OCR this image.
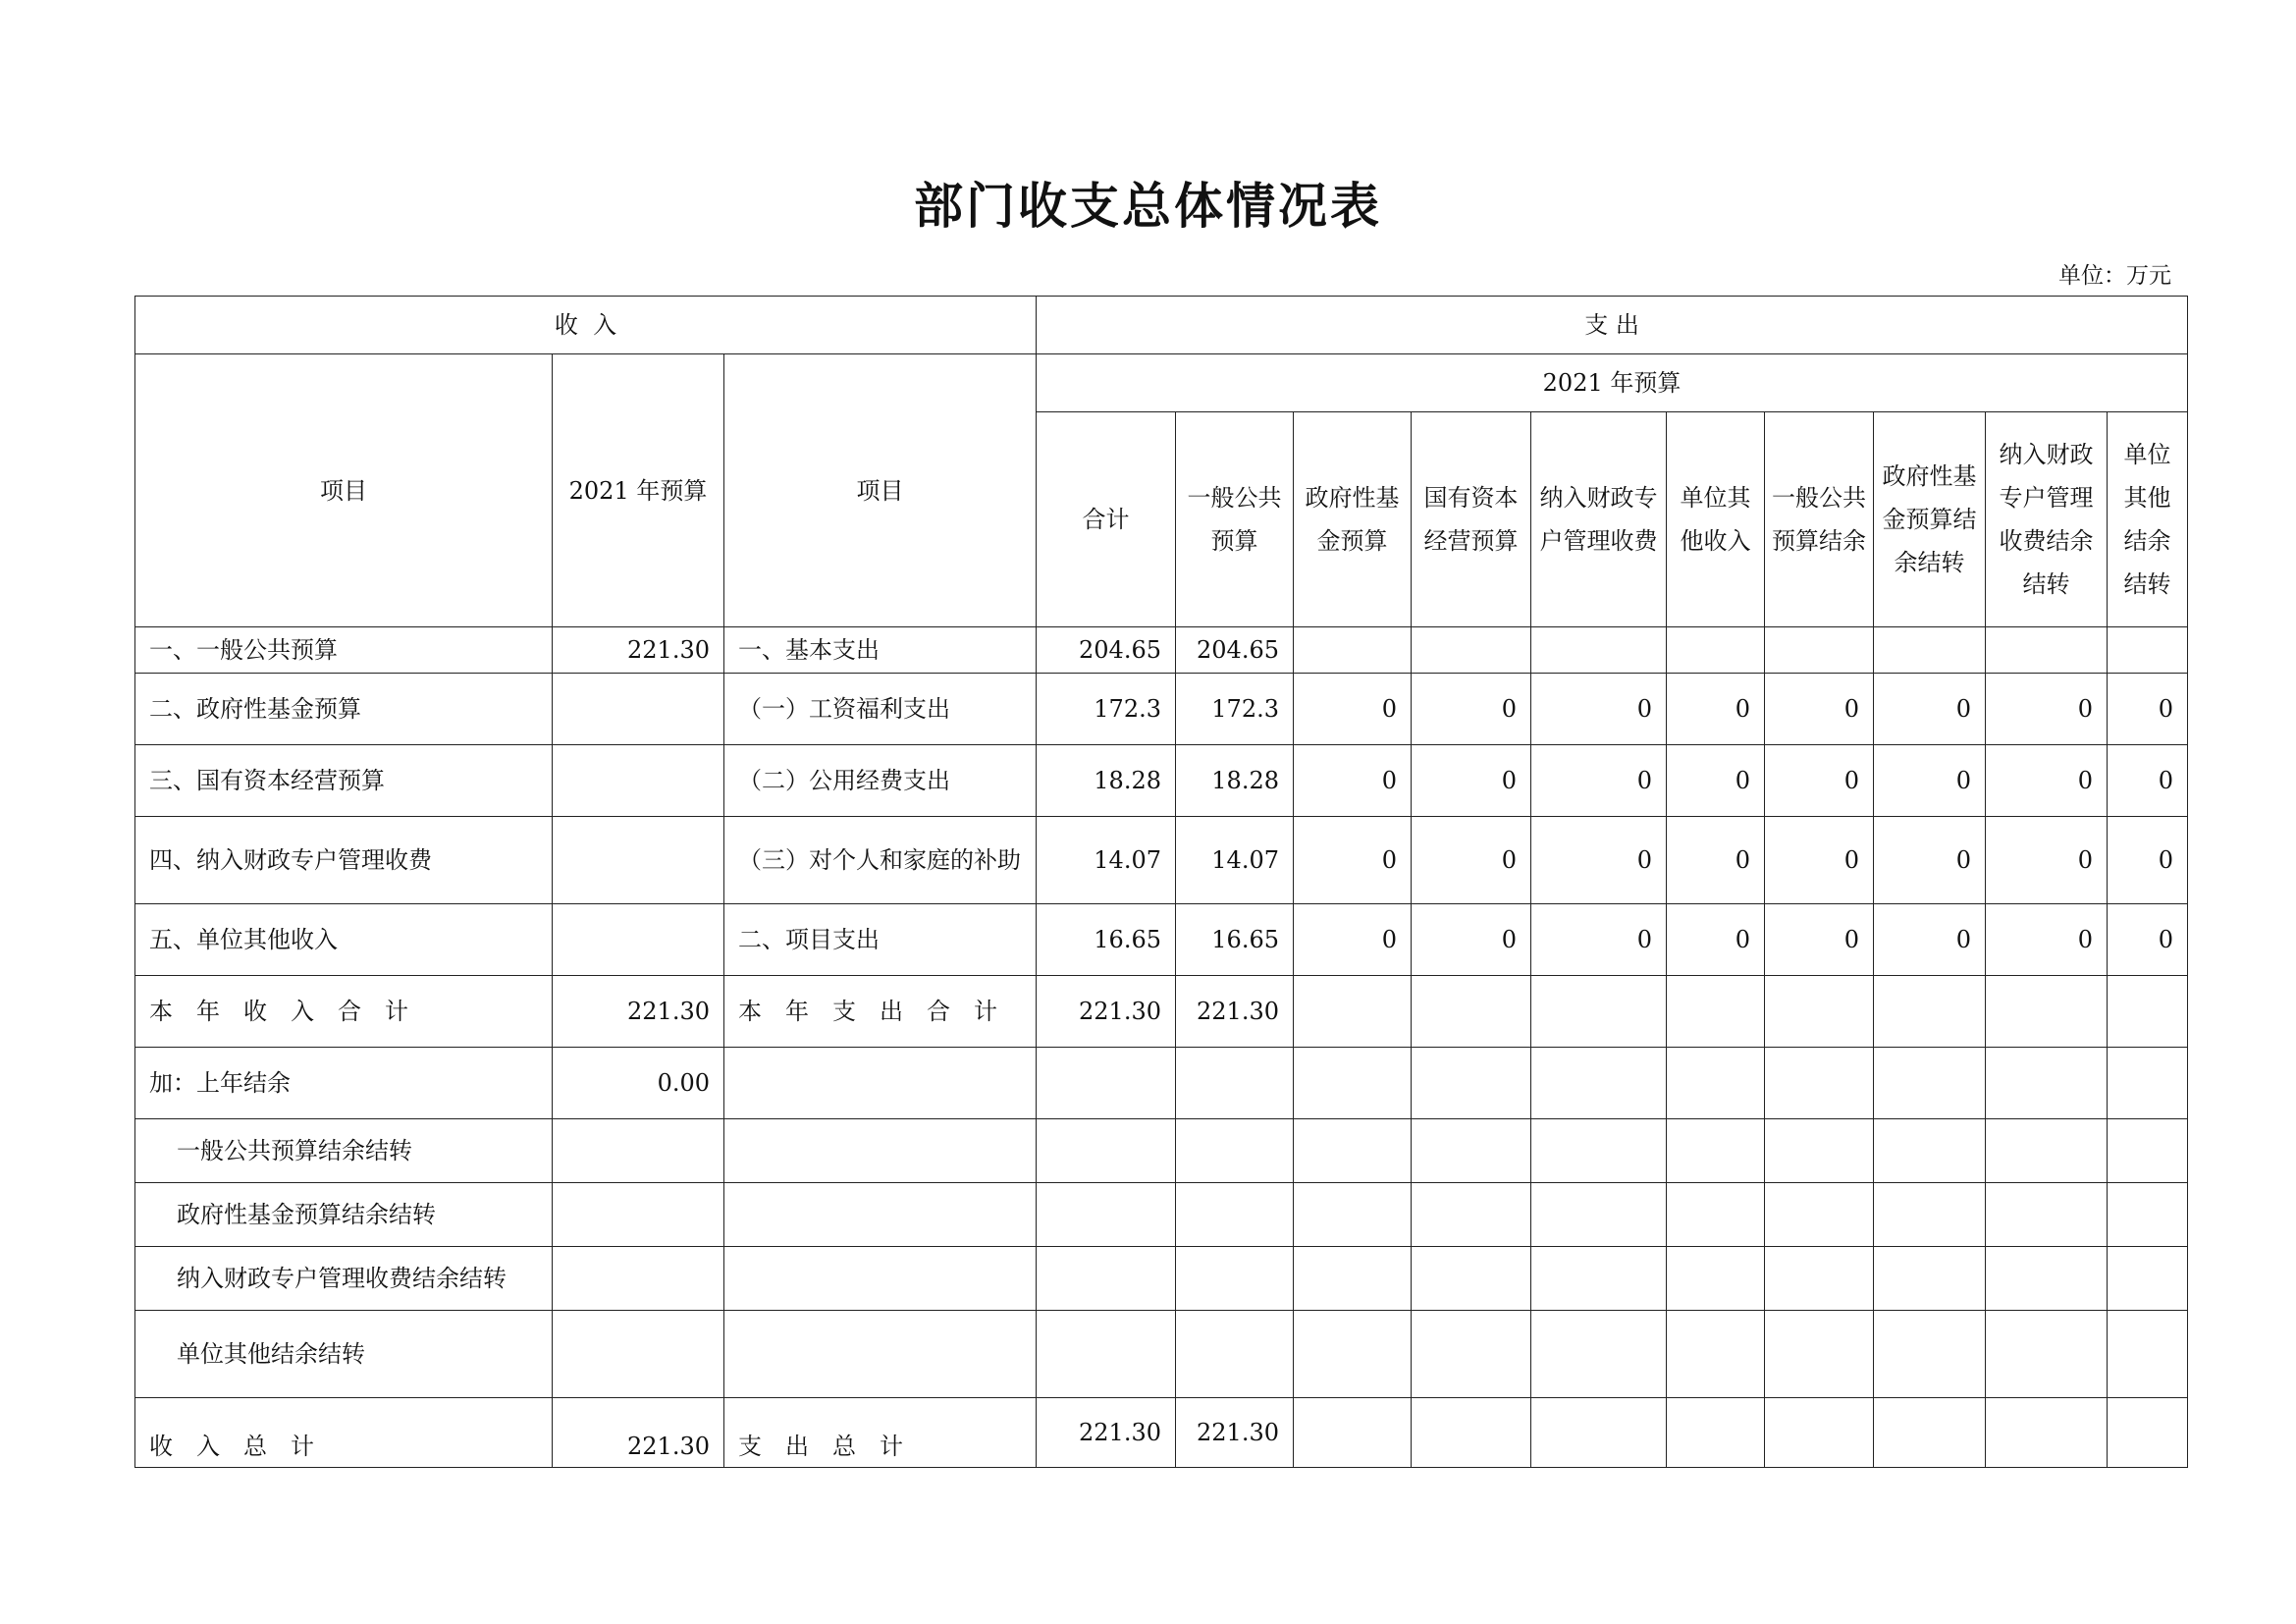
部门收支总体情况表
单位：万元
收  入			支 出									
项目	2021 年预算	项目	2021 年预算									
			合计	一般公共预算	政府性基金预算	国有资本经营预算	纳入财政专户管理收费	单位其他收入	一般公共预算结余	政府性基金预算结余结转	纳入财政专户管理收费结余结转	单位其他结余结转
一、一般公共预算	221.30	一、基本支出	204.65	204.65								
二、政府性基金预算		（一）工资福利支出	172.3	172.3	0	0	0	0	0	0	0	0
三、国有资本经营预算		（二）公用经费支出	18.28	18.28	0	0	0	0	0	0	0	0
四、纳入财政专户管理收费		（三）对个人和家庭的补助	14.07	14.07	0	0	0	0	0	0	0	0
五、单位其他收入		二、项目支出	16.65	16.65	0	0	0	0	0	0	0	0
本年收入合计	221.30	本年支出合计	221.30	221.30								
加：上年结余	0.00											
一般公共预算结余结转												
政府性基金预算结余结转												
纳入财政专户管理收费结余结转												
单位其他结余结转												
收入总计	221.30	支出总计	221.30	221.30								
